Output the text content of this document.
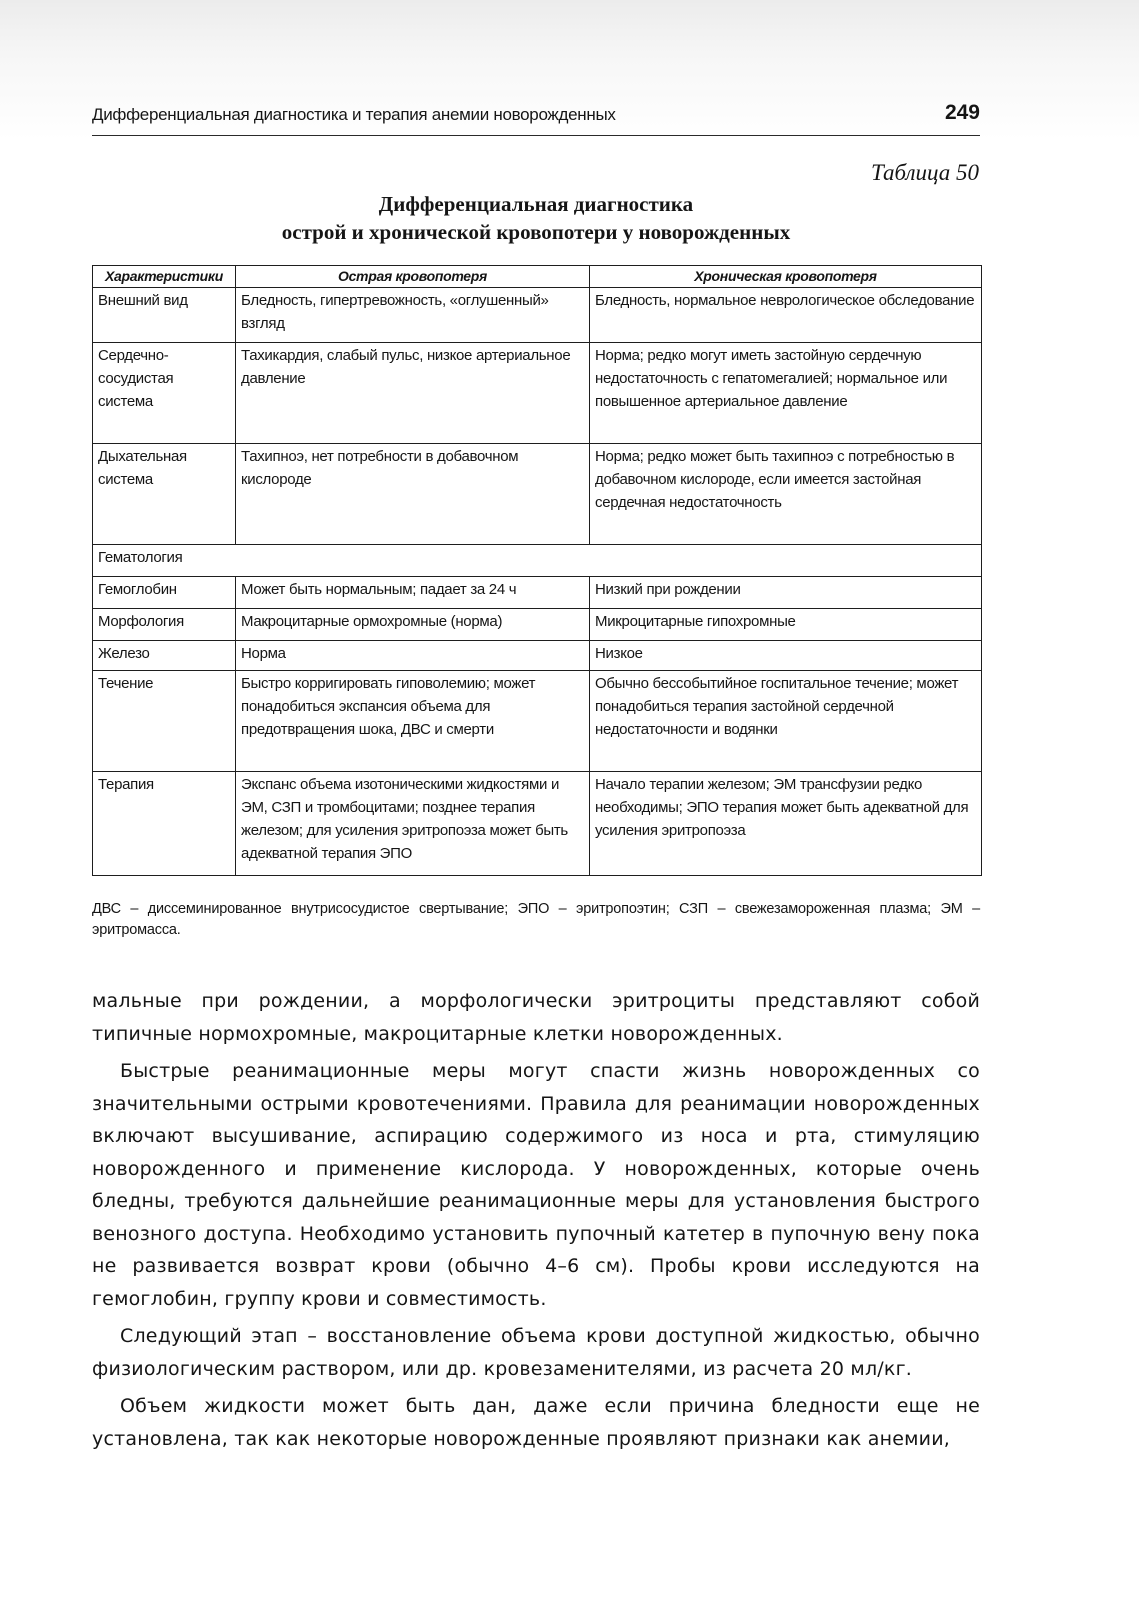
Дифференциальная диагностика и терапия анемии новорожденных	249
Таблица 50
Дифференциальная диагностика
острой и хронической кровопотери у новорожденных
Характеристики	Острая кровопотеря	Хроническая кровопотеря
Внешний вид	Бледность, гипертревожность, «оглушенный» взгляд	Бледность, нормальное неврологическое обследование
Сердечно-сосудистая система	Тахикардия, слабый пульс, низкое артериальное давление	Норма; редко могут иметь застойную сердечную недостаточность с гепатомегалией; нормальное или повышенное артериальное давление
Дыхательная система	Тахипноэ, нет потребности в добавочном кислороде	Норма; редко может быть тахипноэ с потребностью в добавочном кислороде, если имеется застойная сердечная недостаточность
Гематология		
Гемоглобин	Может быть нормальным; падает за 24 ч	Низкий при рождении
Морфология	Макроцитарные ормохромные (норма)	Микроцитарные гипохромные
Железо	Норма	Низкое
Течение	Быстро корригировать гиповолемию; может понадобиться экспансия объема для предотвращения шока, ДВС и смерти	Обычно бессобытийное госпитальное течение; может понадобиться терапия застойной сердечной недостаточности и водянки
Терапия	Экспанс объема изотоническими жидкостями и ЭМ, СЗП и тромбоцитами; позднее терапия железом; для усиления эритропоэза может быть адекватной терапия ЭПО	Начало терапии железом; ЭМ трансфузии редко необходимы; ЭПО терапия может быть адекватной для усиления эритропоэза
ДВС – диссеминированное внутрисосудистое свертывание; ЭПО – эритропоэтин; СЗП – свежезамороженная плазма; ЭМ – эритромасса.

мальные при рождении, а морфологически эритроциты представляют собой типичные нормохромные, макроцитарные клетки новорожденных.

Быстрые реанимационные меры могут спасти жизнь новорожденных со значительными острыми кровотечениями. Правила для реанимации новорожденных включают высушивание, аспирацию содержимого из носа и рта, стимуляцию новорожденного и применение кислорода. У новорожденных, которые очень бледны, требуются дальнейшие реанимационные меры для установления быстрого венозного доступа. Необходимо установить пупочный катетер в пупочную вену пока не развивается возврат крови (обычно 4–6 см). Пробы крови исследуются на гемоглобин, группу крови и совместимость.

Следующий этап – восстановление объема крови доступной жидкостью, обычно физиологическим раствором, или др. кровезаменителями, из расчета 20 мл/кг.

Объем жидкости может быть дан, даже если причина бледности еще не установлена, так как некоторые новорожденные проявляют признаки как анемии,
